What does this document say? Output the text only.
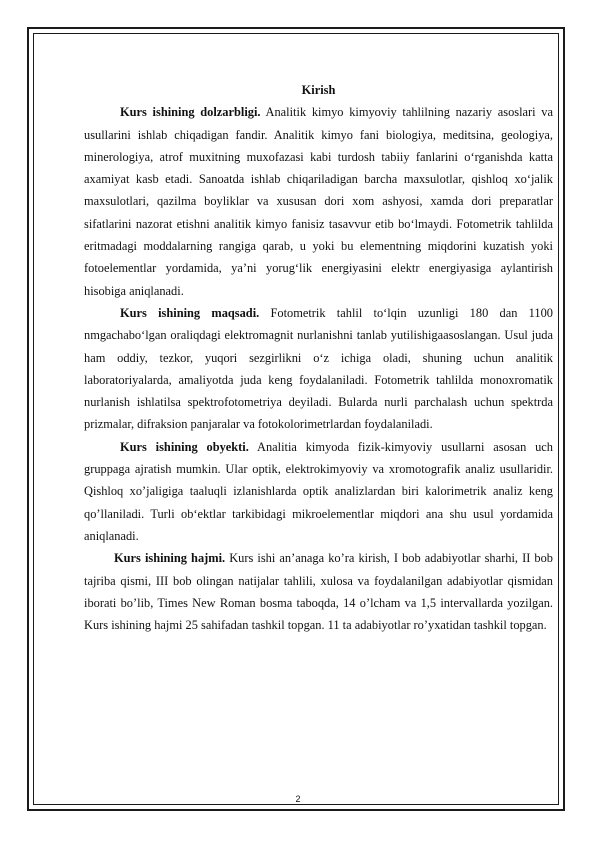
Kirish

Kurs ishining dolzarbligi. Analitik kimyo kimyoviy tahlilning nazariy asoslari va usullarini ishlab chiqadigan fandir. Analitik kimyo fani biologiya, meditsina, geologiya, minerologiya, atrof muxitning muxofazasi kabi turdosh tabiiy fanlarini o‘rganishda katta axamiyat kasb etadi. Sanoatda ishlab chiqariladigan barcha maxsulotlar, qishloq xo‘jalik maxsulotlari, qazilma boyliklar va xususan dori xom ashyosi, xamda dori preparatlar sifatlarini nazorat etishni analitik kimyo fanisiz tasavvur etib bo‘lmaydi. Fotometrik tahlilda eritmadagi moddalarning rangiga qarab, u yoki bu elementning miqdorini kuzatish yoki fotoelementlar yordamida, ya’ni yorug‘lik energiyasini elektr energiyasiga aylantirish hisobiga aniqlanadi.

Kurs ishining maqsadi. Fotometrik tahlil to‘lqin uzunligi 180 dan 1100 nmgachabo‘lgan oraliqdagi elektromagnit nurlanishni tanlab yutilishigaasoslangan. Usul juda ham oddiy, tezkor, yuqori sezgirlikni o‘z ichiga oladi, shuning uchun analitik laboratoriyalarda, amaliyotda juda keng foydalaniladi. Fotometrik tahlilda monoxromatik nurlanish ishlatilsa spektrofotometriya deyiladi. Bularda nurli parchalash uchun spektrda prizmalar, difraksion panjaralar va fotokolorimetrlardan foydalaniladi.

Kurs ishining obyekti. Analitia kimyoda fizik-kimyoviy usullarni asosan uch gruppaga ajratish mumkin. Ular optik, elektrokimyoviy va xromotografik analiz usullaridir. Qishloq xo’jaligiga taaluqli izlanishlarda optik analizlardan biri kalorimetrik analiz keng qo’llaniladi. Turli ob‘ektlar tarkibidagi mikroelementlar miqdori ana shu usul yordamida aniqlanadi.

Kurs ishining hajmi. Kurs ishi an’anaga ko’ra kirish, I bob adabiyotlar sharhi, II bob tajriba qismi, III bob olingan natijalar tahlili, xulosa va foydalanilgan adabiyotlar qismidan iborati bo’lib, Times New Roman bosma taboqda, 14 o’lcham va 1,5 intervallarda yozilgan. Kurs ishining hajmi 25 sahifadan tashkil topgan. 11 ta adabiyotlar ro’yxatidan tashkil topgan.

2
